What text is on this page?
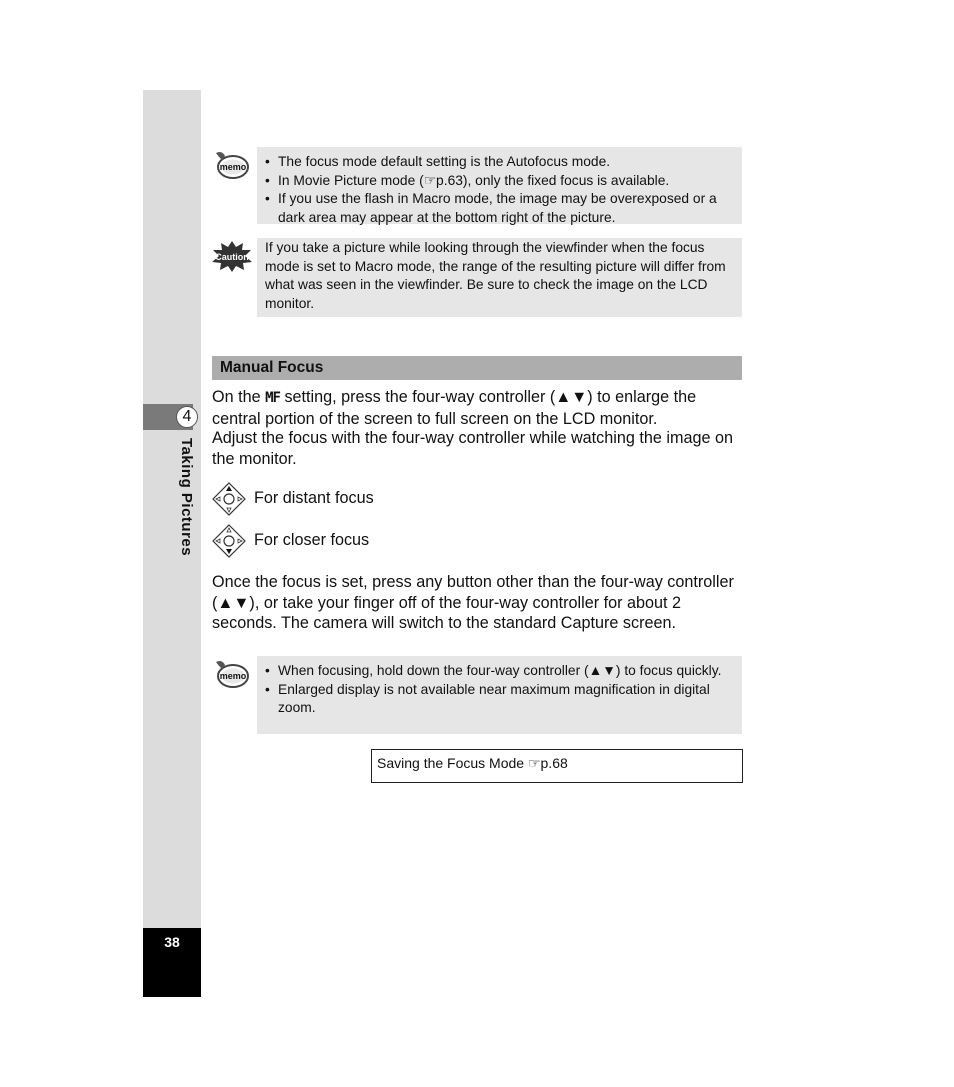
4
Taking Pictures
38
memo	• The focus mode default setting is the Autofocus mode.
• In Movie Picture mode (☞p.63), only the fixed focus is available.
• If you use the flash in Macro mode, the image may be overexposed or a dark area may appear at the bottom right of the picture.
Caution
If you take a picture while looking through the viewfinder when the focus mode is set to Macro mode, the range of the resulting picture will differ from what was seen in the viewfinder. Be sure to check the image on the LCD monitor.
Manual Focus

On the MF setting, press the four-way controller (▲▼) to enlarge the central portion of the screen to full screen on the LCD monitor.

Adjust the focus with the four-way controller while watching the image on the monitor.

For distant focus
For closer focus

Once the focus is set, press any button other than the four-way controller (▲▼), or take your finger off of the four-way controller for about 2 seconds. The camera will switch to the standard Capture screen.

memo	• When focusing, hold down the four-way controller (▲▼) to focus quickly.
• Enlarged display is not available near maximum magnification in digital zoom.
Saving the Focus Mode ☞p.68
